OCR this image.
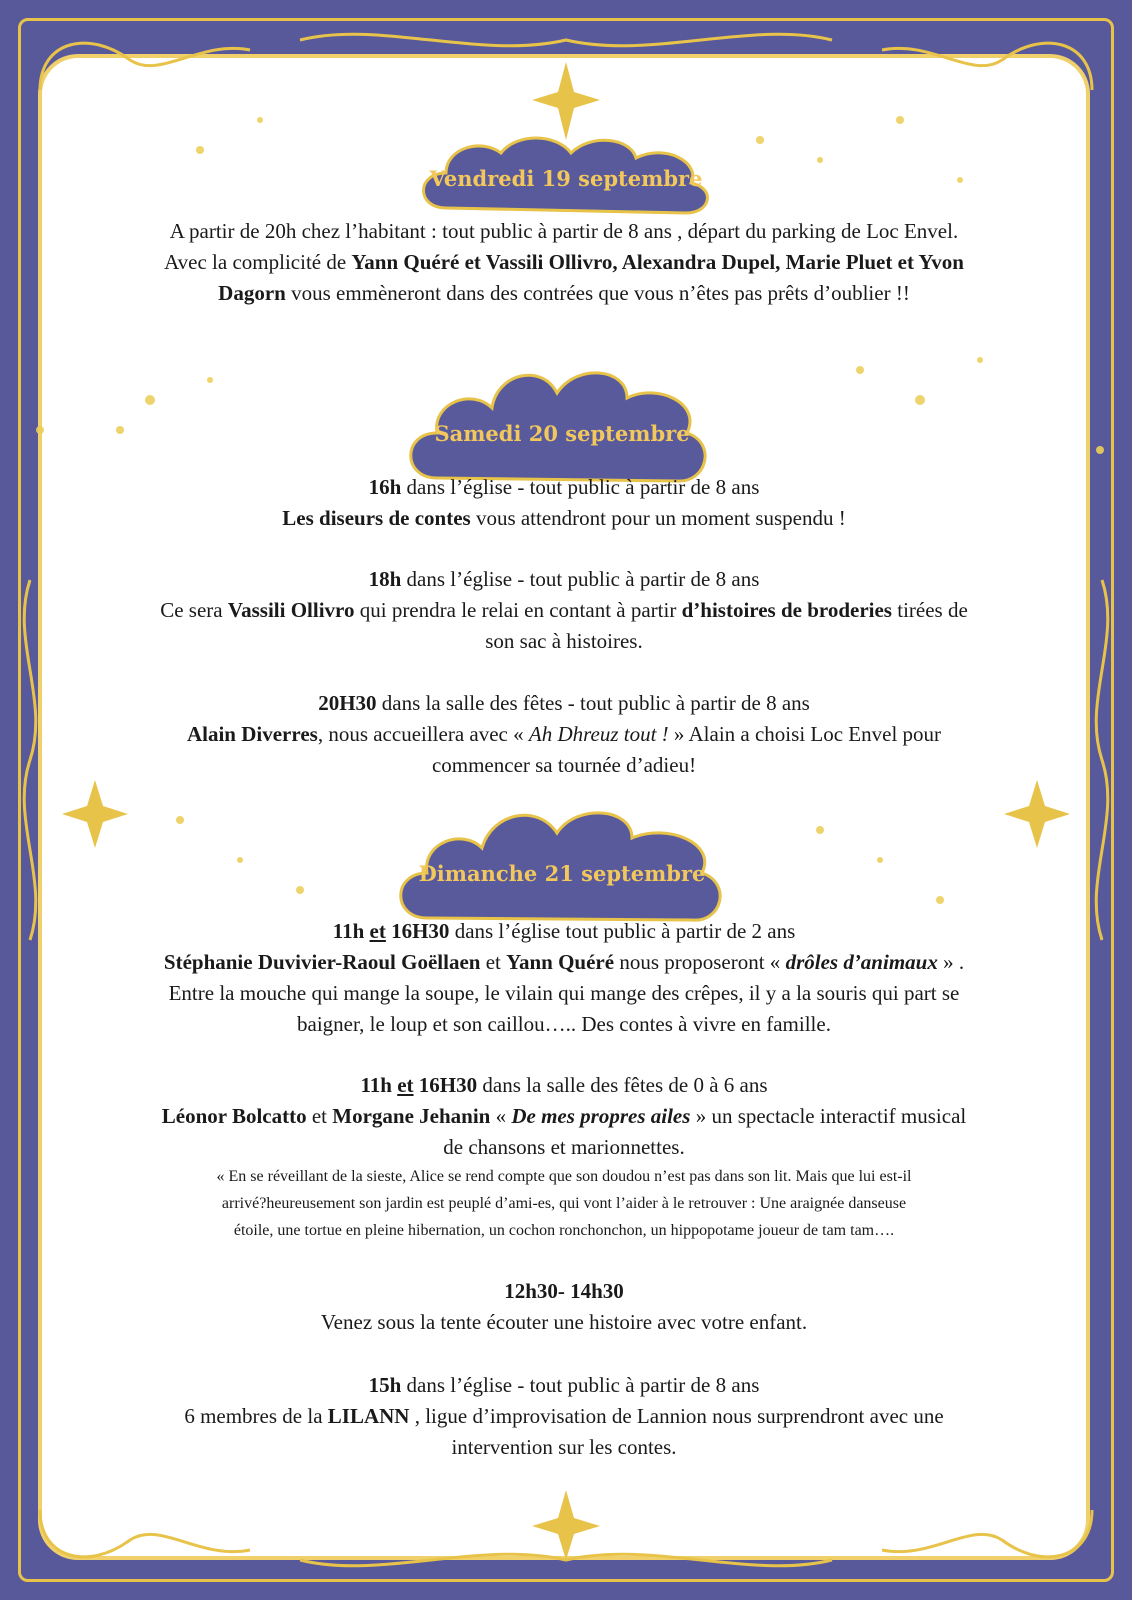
Vendredi 19 septembre
A partir de 20h chez l’habitant : tout public à partir de 8 ans , départ du parking de Loc Envel.
Avec la complicité de Yann Quéré et Vassili Ollivro, Alexandra Dupel, Marie Pluet et Yvon
Dagorn vous emmèneront dans des contrées que vous n’êtes pas prêts d’oublier !!
Samedi 20 septembre
16h dans l’église - tout public à partir de 8 ans
Les diseurs de contes vous attendront pour un moment suspendu !
18h dans l’église - tout public à partir de 8 ans
Ce sera Vassili Ollivro qui prendra le relai en contant à partir d’histoires de broderies tirées de
son sac à histoires.
20H30 dans la salle des fêtes - tout public à partir de 8 ans
Alain Diverres, nous accueillera avec « Ah Dhreuz tout ! » Alain a choisi Loc Envel pour
commencer sa tournée d’adieu!
Dimanche 21 septembre
11h et 16H30 dans l’église tout public à partir de 2 ans
Stéphanie Duvivier-Raoul Goëllaen et Yann Quéré nous proposeront « drôles d’animaux » .
Entre la mouche qui mange la soupe, le vilain qui mange des crêpes, il y a la souris qui part se
baigner, le loup et son caillou….. Des contes à vivre en famille.
11h et 16H30 dans la salle des fêtes de 0 à 6 ans
Léonor Bolcatto et Morgane Jehanin « De mes propres ailes » un spectacle interactif musical
de chansons et marionnettes.
« En se réveillant de la sieste, Alice se rend compte que son doudou n’est pas dans son lit. Mais que lui est-il
arrivé?heureusement son jardin est peuplé d’ami-es, qui vont l’aider à le retrouver : Une araignée danseuse
étoile, une tortue en pleine hibernation, un cochon ronchonchon, un hippopotame joueur de tam tam….
12h30- 14h30
Venez sous la tente écouter une histoire avec votre enfant.
15h dans l’église - tout public à partir de 8 ans
6 membres de la LILANN , ligue d’improvisation de Lannion nous surprendront avec une
intervention sur les contes.
